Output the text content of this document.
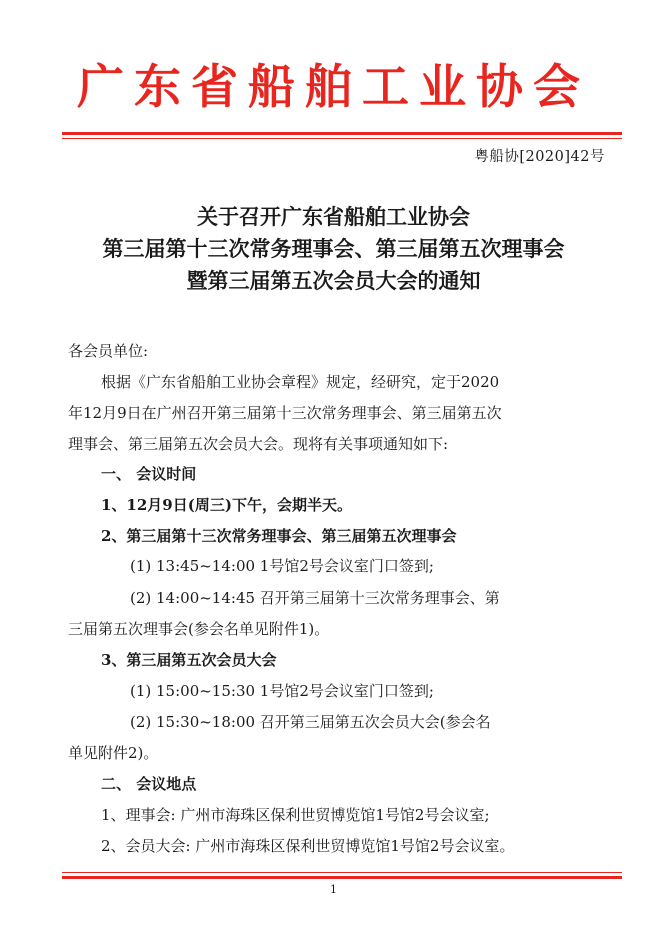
广东省船舶工业协会
粤船协[2020]42号
关于召开广东省船舶工业协会
第三届第十三次常务理事会、第三届第五次理事会
暨第三届第五次会员大会的通知
各会员单位:
根据《广东省船舶工业协会章程》规定，经研究，定于2020
年12月9日在广州召开第三届第十三次常务理事会、第三届第五次
理事会、第三届第五次会员大会。现将有关事项通知如下:
一、 会议时间
1、12月9日(周三)下午，会期半天。
2、第三届第十三次常务理事会、第三届第五次理事会
(1) 13:45~14:00 1号馆2号会议室门口签到;
(2) 14:00~14:45 召开第三届第十三次常务理事会、第
三届第五次理事会(参会名单见附件1)。
3、第三届第五次会员大会
(1) 15:00~15:30 1号馆2号会议室门口签到;
(2) 15:30~18:00 召开第三届第五次会员大会(参会名
单见附件2)。
二、 会议地点
1、理事会: 广州市海珠区保利世贸博览馆1号馆2号会议室;
2、会员大会: 广州市海珠区保利世贸博览馆1号馆2号会议室。
1
